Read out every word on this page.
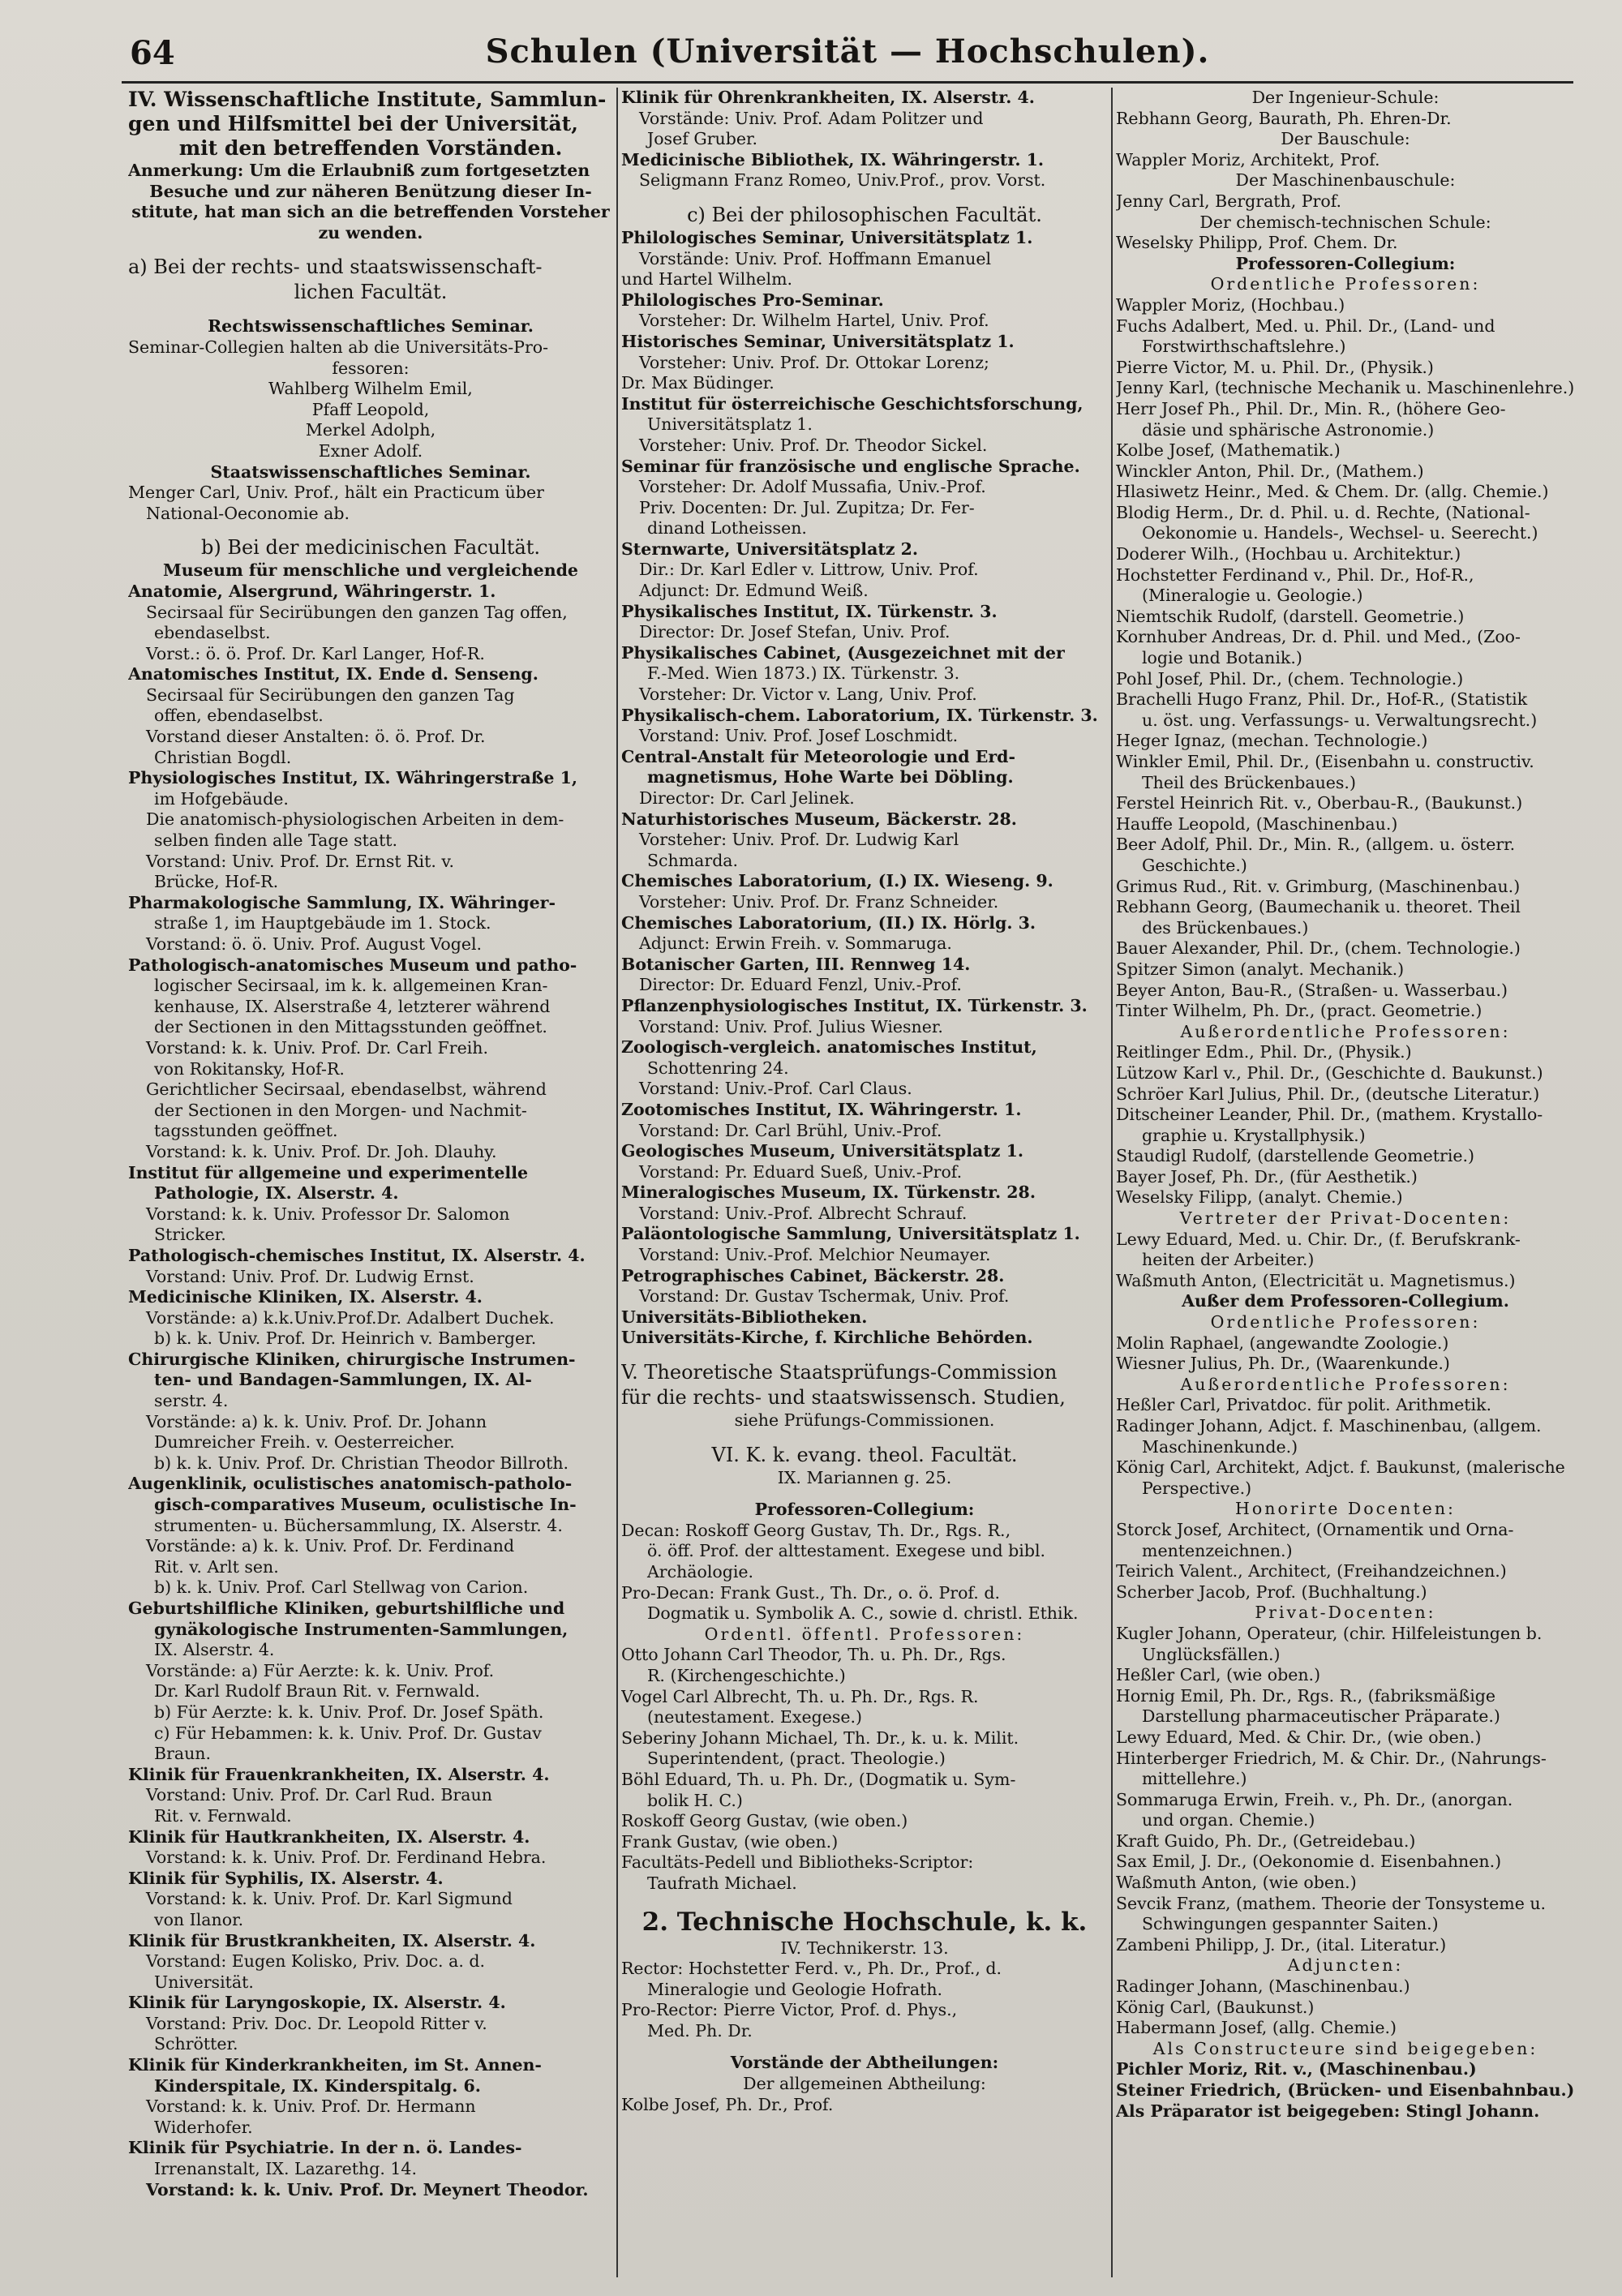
64	Schulen (Universität — Hochschulen).
IV. Wissenschaftliche Institute, Sammlun-
gen und Hilfsmittel bei der Universität,
mit den betreffenden Vorständen.
Anmerkung: Um die Erlaubniß zum fortgesetzten
Besuche und zur näheren Benützung dieser In-
stitute, hat man sich an die betreffenden Vorsteher
zu wenden.
a) Bei der rechts- und staatswissenschaft-
lichen Facultät.
Rechtswissenschaftliches Seminar.
Seminar-Collegien halten ab die Universitäts-Pro-
fessoren:
Wahlberg Wilhelm Emil,
Pfaff Leopold,
Merkel Adolph,
Exner Adolf.
Staatswissenschaftliches Seminar.
Menger Carl, Univ. Prof., hält ein Practicum über
National-Oeconomie ab.
b) Bei der medicinischen Facultät.
Museum für menschliche und vergleichende
Anatomie, Alsergrund, Währingerstr. 1.
Secirsaal für Secirübungen den ganzen Tag offen,
ebendaselbst.
Vorst.: ö. ö. Prof. Dr. Karl Langer, Hof-R.
Anatomisches Institut, IX. Ende d. Senseng.
Secirsaal für Secirübungen den ganzen Tag
offen, ebendaselbst.
Vorstand dieser Anstalten: ö. ö. Prof. Dr.
Christian Bogdl.
Physiologisches Institut, IX. Währingerstraße 1,
im Hofgebäude.
Die anatomisch-physiologischen Arbeiten in dem-
selben finden alle Tage statt.
Vorstand: Univ. Prof. Dr. Ernst Rit. v.
Brücke, Hof-R.
Pharmakologische Sammlung, IX. Währinger-
straße 1, im Hauptgebäude im 1. Stock.
Vorstand: ö. ö. Univ. Prof. August Vogel.
Pathologisch-anatomisches Museum und patho-
logischer Secirsaal, im k. k. allgemeinen Kran-
kenhause, IX. Alserstraße 4, letzterer während
der Sectionen in den Mittagsstunden geöffnet.
Vorstand: k. k. Univ. Prof. Dr. Carl Freih.
von Rokitansky, Hof-R.
Gerichtlicher Secirsaal, ebendaselbst, während
der Sectionen in den Morgen- und Nachmit-
tagsstunden geöffnet.
Vorstand: k. k. Univ. Prof. Dr. Joh. Dlauhy.
Institut für allgemeine und experimentelle
Pathologie, IX. Alserstr. 4.
Vorstand: k. k. Univ. Professor Dr. Salomon
Stricker.
Pathologisch-chemisches Institut, IX. Alserstr. 4.
Vorstand: Univ. Prof. Dr. Ludwig Ernst.
Medicinische Kliniken, IX. Alserstr. 4.
Vorstände: a) k.k.Univ.Prof.Dr. Adalbert Duchek.
b) k. k. Univ. Prof. Dr. Heinrich v. Bamberger.
Chirurgische Kliniken, chirurgische Instrumen-
ten- und Bandagen-Sammlungen, IX. Al-
serstr. 4.
Vorstände: a) k. k. Univ. Prof. Dr. Johann
Dumreicher Freih. v. Oesterreicher.
b) k. k. Univ. Prof. Dr. Christian Theodor Billroth.
Augenklinik, oculistisches anatomisch-patholo-
gisch-comparatives Museum, oculistische In-
strumenten- u. Büchersammlung, IX. Alserstr. 4.
Vorstände: a) k. k. Univ. Prof. Dr. Ferdinand
Rit. v. Arlt sen.
b) k. k. Univ. Prof. Carl Stellwag von Carion.
Geburtshilfliche Kliniken, geburtshilfliche und
gynäkologische Instrumenten-Sammlungen,
IX. Alserstr. 4.
Vorstände: a) Für Aerzte: k. k. Univ. Prof.
Dr. Karl Rudolf Braun Rit. v. Fernwald.
b) Für Aerzte: k. k. Univ. Prof. Dr. Josef Späth.
c) Für Hebammen: k. k. Univ. Prof. Dr. Gustav
Braun.
Klinik für Frauenkrankheiten, IX. Alserstr. 4.
Vorstand: Univ. Prof. Dr. Carl Rud. Braun
Rit. v. Fernwald.
Klinik für Hautkrankheiten, IX. Alserstr. 4.
Vorstand: k. k. Univ. Prof. Dr. Ferdinand Hebra.
Klinik für Syphilis, IX. Alserstr. 4.
Vorstand: k. k. Univ. Prof. Dr. Karl Sigmund
von Ilanor.
Klinik für Brustkrankheiten, IX. Alserstr. 4.
Vorstand: Eugen Kolisko, Priv. Doc. a. d.
Universität.
Klinik für Laryngoskopie, IX. Alserstr. 4.
Vorstand: Priv. Doc. Dr. Leopold Ritter v.
Schrötter.
Klinik für Kinderkrankheiten, im St. Annen-
Kinderspitale, IX. Kinderspitalg. 6.
Vorstand: k. k. Univ. Prof. Dr. Hermann
Widerhofer.
Klinik für Psychiatrie. In der n. ö. Landes-
Irrenanstalt, IX. Lazarethg. 14.
Vorstand: k. k. Univ. Prof. Dr. Meynert Theodor.
Klinik für Ohrenkrankheiten, IX. Alserstr. 4.
Vorstände: Univ. Prof. Adam Politzer und
Josef Gruber.
Medicinische Bibliothek, IX. Währingerstr. 1.
Seligmann Franz Romeo, Univ.Prof., prov. Vorst.
c) Bei der philosophischen Facultät.
Philologisches Seminar, Universitätsplatz 1.
Vorstände: Univ. Prof. Hoffmann Emanuel
und Hartel Wilhelm.
Philologisches Pro-Seminar.
Vorsteher: Dr. Wilhelm Hartel, Univ. Prof.
Historisches Seminar, Universitätsplatz 1.
Vorsteher: Univ. Prof. Dr. Ottokar Lorenz;
Dr. Max Büdinger.
Institut für österreichische Geschichtsforschung,
Universitätsplatz 1.
Vorsteher: Univ. Prof. Dr. Theodor Sickel.
Seminar für französische und englische Sprache.
Vorsteher: Dr. Adolf Mussafia, Univ.-Prof.
Priv. Docenten: Dr. Jul. Zupitza; Dr. Fer-
dinand Lotheissen.
Sternwarte, Universitätsplatz 2.
Dir.: Dr. Karl Edler v. Littrow, Univ. Prof.
Adjunct: Dr. Edmund Weiß.
Physikalisches Institut, IX. Türkenstr. 3.
Director: Dr. Josef Stefan, Univ. Prof.
Physikalisches Cabinet, (Ausgezeichnet mit der
F.-Med. Wien 1873.) IX. Türkenstr. 3.
Vorsteher: Dr. Victor v. Lang, Univ. Prof.
Physikalisch-chem. Laboratorium, IX. Türkenstr. 3.
Vorstand: Univ. Prof. Josef Loschmidt.
Central-Anstalt für Meteorologie und Erd-
magnetismus, Hohe Warte bei Döbling.
Director: Dr. Carl Jelinek.
Naturhistorisches Museum, Bäckerstr. 28.
Vorsteher: Univ. Prof. Dr. Ludwig Karl
Schmarda.
Chemisches Laboratorium, (I.) IX. Wieseng. 9.
Vorsteher: Univ. Prof. Dr. Franz Schneider.
Chemisches Laboratorium, (II.) IX. Hörlg. 3.
Adjunct: Erwin Freih. v. Sommaruga.
Botanischer Garten, III. Rennweg 14.
Director: Dr. Eduard Fenzl, Univ.-Prof.
Pflanzenphysiologisches Institut, IX. Türkenstr. 3.
Vorstand: Univ. Prof. Julius Wiesner.
Zoologisch-vergleich. anatomisches Institut,
Schottenring 24.
Vorstand: Univ.-Prof. Carl Claus.
Zootomisches Institut, IX. Währingerstr. 1.
Vorstand: Dr. Carl Brühl, Univ.-Prof.
Geologisches Museum, Universitätsplatz 1.
Vorstand: Pr. Eduard Sueß, Univ.-Prof.
Mineralogisches Museum, IX. Türkenstr. 28.
Vorstand: Univ.-Prof. Albrecht Schrauf.
Paläontologische Sammlung, Universitätsplatz 1.
Vorstand: Univ.-Prof. Melchior Neumayer.
Petrographisches Cabinet, Bäckerstr. 28.
Vorstand: Dr. Gustav Tschermak, Univ. Prof.
Universitäts-Bibliotheken.
Universitäts-Kirche, f. Kirchliche Behörden.
V. Theoretische Staatsprüfungs-Commission
für die rechts- und staatswissensch. Studien,
siehe Prüfungs-Commissionen.
VI. K. k. evang. theol. Facultät.
IX. Mariannen g. 25.
Professoren-Collegium:
Decan: Roskoff Georg Gustav, Th. Dr., Rgs. R.,
ö. öff. Prof. der alttestament. Exegese und bibl.
Archäologie.
Pro-Decan: Frank Gust., Th. Dr., o. ö. Prof. d.
Dogmatik u. Symbolik A. C., sowie d. christl. Ethik.
Ordentl. öffentl. Professoren:
Otto Johann Carl Theodor, Th. u. Ph. Dr., Rgs.
R. (Kirchengeschichte.)
Vogel Carl Albrecht, Th. u. Ph. Dr., Rgs. R.
(neutestament. Exegese.)
Seberiny Johann Michael, Th. Dr., k. u. k. Milit.
Superintendent, (pract. Theologie.)
Böhl Eduard, Th. u. Ph. Dr., (Dogmatik u. Sym-
bolik H. C.)
Roskoff Georg Gustav, (wie oben.)
Frank Gustav, (wie oben.)
Facultäts-Pedell und Bibliotheks-Scriptor:
Taufrath Michael.
2. Technische Hochschule, k. k.
IV. Technikerstr. 13.
Rector: Hochstetter Ferd. v., Ph. Dr., Prof., d.
Mineralogie und Geologie Hofrath.
Pro-Rector: Pierre Victor, Prof. d. Phys.,
Med. Ph. Dr.
Vorstände der Abtheilungen:
Der allgemeinen Abtheilung:
Kolbe Josef, Ph. Dr., Prof.
Der Ingenieur-Schule:
Rebhann Georg, Baurath, Ph. Ehren-Dr.
Der Bauschule:
Wappler Moriz, Architekt, Prof.
Der Maschinenbauschule:
Jenny Carl, Bergrath, Prof.
Der chemisch-technischen Schule:
Weselsky Philipp, Prof. Chem. Dr.
Professoren-Collegium:
Ordentliche Professoren:
Wappler Moriz, (Hochbau.)
Fuchs Adalbert, Med. u. Phil. Dr., (Land- und
Forstwirthschaftslehre.)
Pierre Victor, M. u. Phil. Dr., (Physik.)
Jenny Karl, (technische Mechanik u. Maschinenlehre.)
Herr Josef Ph., Phil. Dr., Min. R., (höhere Geo-
däsie und sphärische Astronomie.)
Kolbe Josef, (Mathematik.)
Winckler Anton, Phil. Dr., (Mathem.)
Hlasiwetz Heinr., Med. & Chem. Dr. (allg. Chemie.)
Blodig Herm., Dr. d. Phil. u. d. Rechte, (National-
Oekonomie u. Handels-, Wechsel- u. Seerecht.)
Doderer Wilh., (Hochbau u. Architektur.)
Hochstetter Ferdinand v., Phil. Dr., Hof-R.,
(Mineralogie u. Geologie.)
Niemtschik Rudolf, (darstell. Geometrie.)
Kornhuber Andreas, Dr. d. Phil. und Med., (Zoo-
logie und Botanik.)
Pohl Josef, Phil. Dr., (chem. Technologie.)
Brachelli Hugo Franz, Phil. Dr., Hof-R., (Statistik
u. öst. ung. Verfassungs- u. Verwaltungsrecht.)
Heger Ignaz, (mechan. Technologie.)
Winkler Emil, Phil. Dr., (Eisenbahn u. constructiv.
Theil des Brückenbaues.)
Ferstel Heinrich Rit. v., Oberbau-R., (Baukunst.)
Hauffe Leopold, (Maschinenbau.)
Beer Adolf, Phil. Dr., Min. R., (allgem. u. österr.
Geschichte.)
Grimus Rud., Rit. v. Grimburg, (Maschinenbau.)
Rebhann Georg, (Baumechanik u. theoret. Theil
des Brückenbaues.)
Bauer Alexander, Phil. Dr., (chem. Technologie.)
Spitzer Simon (analyt. Mechanik.)
Beyer Anton, Bau-R., (Straßen- u. Wasserbau.)
Tinter Wilhelm, Ph. Dr., (pract. Geometrie.)
Außerordentliche Professoren:
Reitlinger Edm., Phil. Dr., (Physik.)
Lützow Karl v., Phil. Dr., (Geschichte d. Baukunst.)
Schröer Karl Julius, Phil. Dr., (deutsche Literatur.)
Ditscheiner Leander, Phil. Dr., (mathem. Krystallo-
graphie u. Krystallphysik.)
Staudigl Rudolf, (darstellende Geometrie.)
Bayer Josef, Ph. Dr., (für Aesthetik.)
Weselsky Filipp, (analyt. Chemie.)
Vertreter der Privat-Docenten:
Lewy Eduard, Med. u. Chir. Dr., (f. Berufskrank-
heiten der Arbeiter.)
Waßmuth Anton, (Electricität u. Magnetismus.)
Außer dem Professoren-Collegium.
Ordentliche Professoren:
Molin Raphael, (angewandte Zoologie.)
Wiesner Julius, Ph. Dr., (Waarenkunde.)
Außerordentliche Professoren:
Heßler Carl, Privatdoc. für polit. Arithmetik.
Radinger Johann, Adjct. f. Maschinenbau, (allgem.
Maschinenkunde.)
König Carl, Architekt, Adjct. f. Baukunst, (malerische
Perspective.)
Honorirte Docenten:
Storck Josef, Architect, (Ornamentik und Orna-
mentenzeichnen.)
Teirich Valent., Architect, (Freihandzeichnen.)
Scherber Jacob, Prof. (Buchhaltung.)
Privat-Docenten:
Kugler Johann, Operateur, (chir. Hilfeleistungen b.
Unglücksfällen.)
Heßler Carl, (wie oben.)
Hornig Emil, Ph. Dr., Rgs. R., (fabriksmäßige
Darstellung pharmaceutischer Präparate.)
Lewy Eduard, Med. & Chir. Dr., (wie oben.)
Hinterberger Friedrich, M. & Chir. Dr., (Nahrungs-
mittellehre.)
Sommaruga Erwin, Freih. v., Ph. Dr., (anorgan.
und organ. Chemie.)
Kraft Guido, Ph. Dr., (Getreidebau.)
Sax Emil, J. Dr., (Oekonomie d. Eisenbahnen.)
Waßmuth Anton, (wie oben.)
Sevcik Franz, (mathem. Theorie der Tonsysteme u.
Schwingungen gespannter Saiten.)
Zambeni Philipp, J. Dr., (ital. Literatur.)
Adjuncten:
Radinger Johann, (Maschinenbau.)
König Carl, (Baukunst.)
Habermann Josef, (allg. Chemie.)
Als Constructeure sind beigegeben:
Pichler Moriz, Rit. v., (Maschinenbau.)
Steiner Friedrich, (Brücken- und Eisenbahnbau.)
Als Präparator ist beigegeben: Stingl Johann.
